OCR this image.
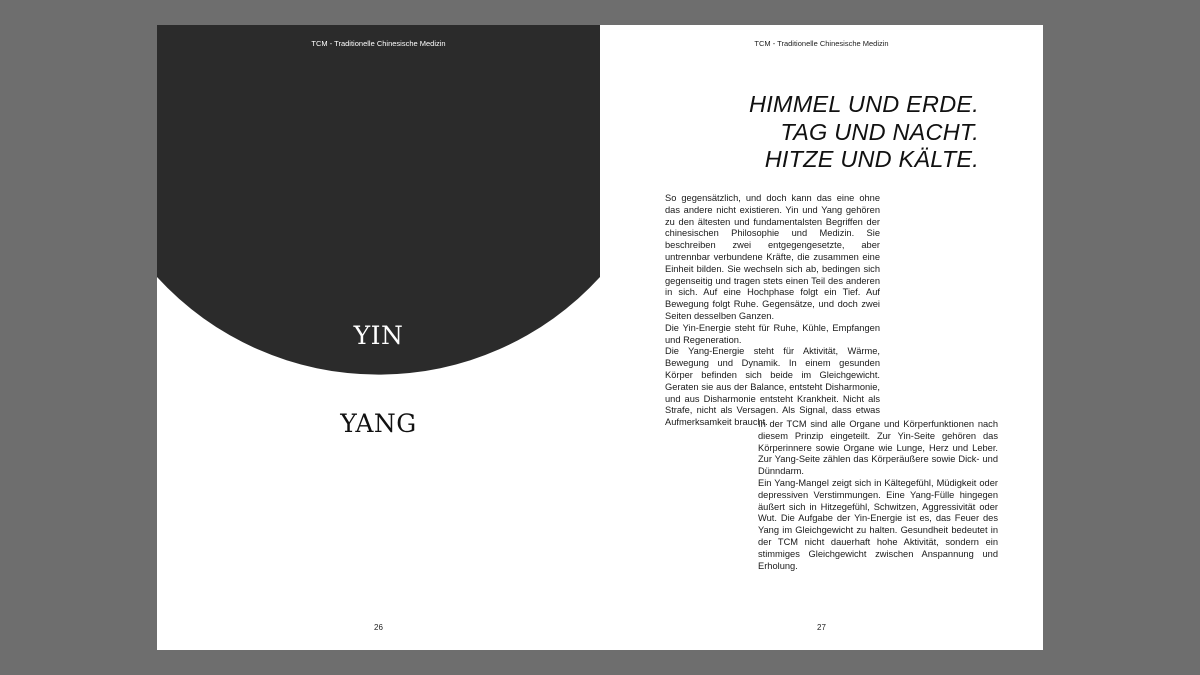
TCM - Traditionelle Chinesische Medizin
YIN
YANG
26
TCM - Traditionelle Chinesische Medizin
HIMMEL UND ERDE.
TAG UND NACHT.
HITZE UND KÄLTE.

So gegensätzlich, und doch kann das eine ohne das andere nicht existieren. Yin und Yang gehören zu den ältesten und fundamentalsten Begriffen der chinesischen Philosophie und Medizin. Sie beschreiben zwei entgegengesetzte, aber untrennbar verbundene Kräfte, die zusammen eine Einheit bilden. Sie wechseln sich ab, bedingen sich gegenseitig und tragen stets einen Teil des anderen in sich. Auf eine Hochphase folgt ein Tief. Auf Bewegung folgt Ruhe. Gegensätze, und doch zwei Seiten desselben Ganzen.

Die Yin-Energie steht für Ruhe, Kühle, Empfangen und Regeneration.

Die Yang-Energie steht für Aktivität, Wärme, Bewegung und Dynamik. In einem gesunden Körper befinden sich beide im Gleichgewicht. Geraten sie aus der Balance, entsteht Disharmonie, und aus Disharmonie entsteht Krankheit. Nicht als Strafe, nicht als Versagen. Als Signal, dass etwas Aufmerksamkeit braucht.

In der TCM sind alle Organe und Körperfunktionen nach diesem Prinzip eingeteilt. Zur Yin-Seite gehören das Körperinnere sowie Organe wie Lunge, Herz und Leber. Zur Yang-Seite zählen das Körperäußere sowie Dick- und Dünndarm.

Ein Yang-Mangel zeigt sich in Kältegefühl, Müdigkeit oder depressiven Verstimmungen. Eine Yang-Fülle hingegen äußert sich in Hitzegefühl, Schwitzen, Aggressivität oder Wut. Die Aufgabe der Yin-Energie ist es, das Feuer des Yang im Gleichgewicht zu halten. Gesundheit bedeutet in der TCM nicht dauerhaft hohe Aktivität, sondern ein stimmiges Gleichgewicht zwischen Anspannung und Erholung.

27
